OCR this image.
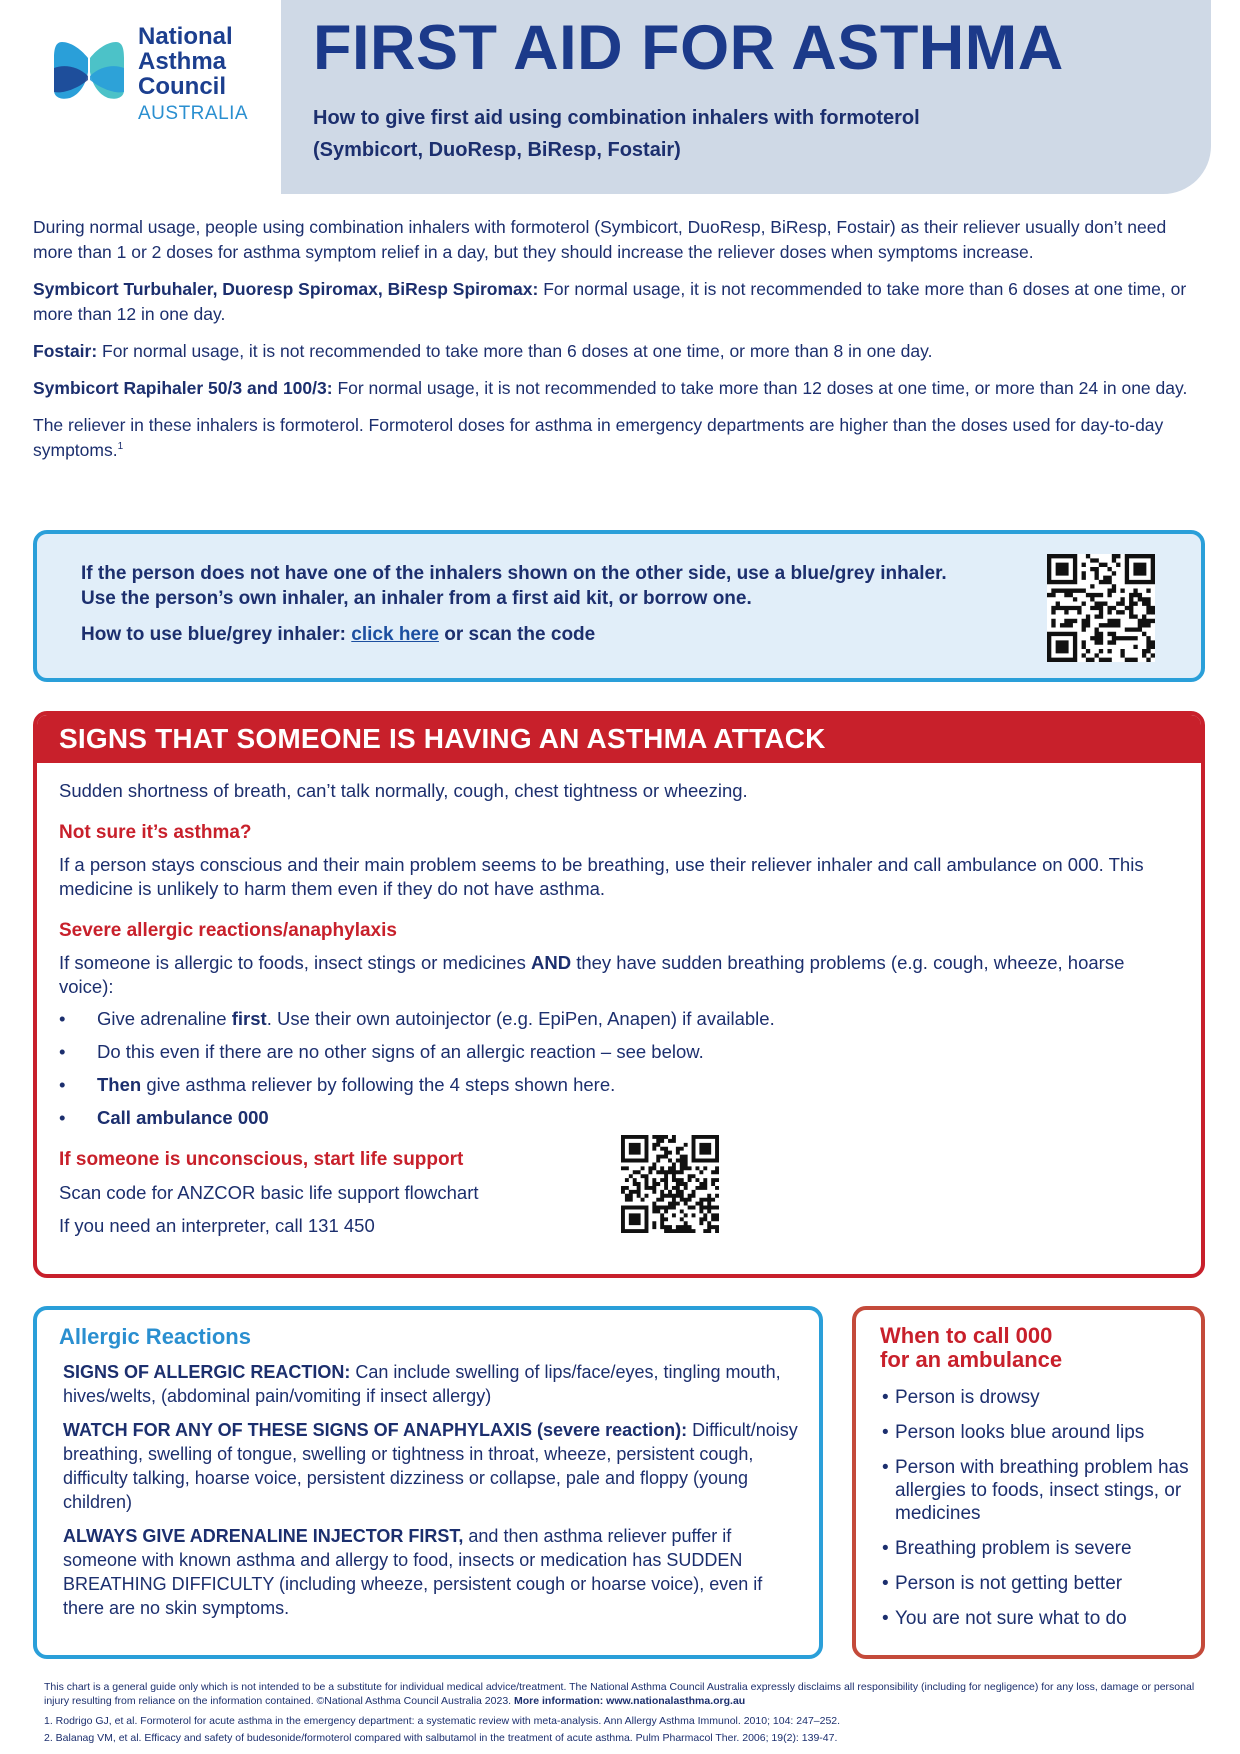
National
Asthma
Council
AUSTRALIA
FIRST AID FOR ASTHMA
How to give first aid using combination inhalers with formoterol
(Symbicort, DuoResp, BiResp, Fostair)

During normal usage, people using combination inhalers with formoterol (Symbicort, DuoResp, BiResp, Fostair) as their reliever usually don’t need more than 1 or 2 doses for asthma symptom relief in a day, but they should increase the reliever doses when symptoms increase.

Symbicort Turbuhaler, Duoresp Spiromax, BiResp Spiromax: For normal usage, it is not recommended to take more than 6 doses at one time, or more than 12 in one day.

Fostair: For normal usage, it is not recommended to take more than 6 doses at one time, or more than 8 in one day.

Symbicort Rapihaler 50/3 and 100/3: For normal usage, it is not recommended to take more than 12 doses at one time, or more than 24 in one day.

The reliever in these inhalers is formoterol. Formoterol doses for asthma in emergency departments are higher than the doses used for day-to-day symptoms.$^1$

If the person does not have one of the inhalers shown on the other side, use a blue/grey inhaler. Use the person’s own inhaler, an inhaler from a first aid kit, or borrow one.
How to use blue/grey inhaler: click here or scan the code
SIGNS THAT SOMEONE IS HAVING AN ASTHMA ATTACK

Sudden shortness of breath, can’t talk normally, cough, chest tightness or wheezing.

Not sure it’s asthma?

If a person stays conscious and their main problem seems to be breathing, use their reliever inhaler and call ambulance on 000. This medicine is unlikely to harm them even if they do not have asthma.

Severe allergic reactions/anaphylaxis

If someone is allergic to foods, insect stings or medicines AND they have sudden breathing problems (e.g. cough, wheeze, hoarse voice):

• Give adrenaline first. Use their own autoinjector (e.g. EpiPen, Anapen) if available.
• Do this even if there are no other signs of an allergic reaction – see below.
• Then give asthma reliever by following the 4 steps shown here.
• Call ambulance 000

If someone is unconscious, start life support

Scan code for ANZCOR basic life support flowchart

If you need an interpreter, call 131 450

Allergic Reactions

SIGNS OF ALLERGIC REACTION: Can include swelling of lips/face/eyes, tingling mouth, hives/welts, (abdominal pain/vomiting if insect allergy)

WATCH FOR ANY OF THESE SIGNS OF ANAPHYLAXIS (severe reaction): Difficult/noisy breathing, swelling of tongue, swelling or tightness in throat, wheeze, persistent cough, difficulty talking, hoarse voice, persistent dizziness or collapse, pale and floppy (young children)

ALWAYS GIVE ADRENALINE INJECTOR FIRST, and then asthma reliever puffer if someone with known asthma and allergy to food, insects or medication has SUDDEN BREATHING DIFFICULTY (including wheeze, persistent cough or hoarse voice), even if there are no skin symptoms.

When to call 000
for an ambulance
• Person is drowsy
• Person looks blue around lips
• Person with breathing problem has allergies to foods, insect stings, or medicines
• Breathing problem is severe
• Person is not getting better
• You are not sure what to do

This chart is a general guide only which is not intended to be a substitute for individual medical advice/treatment. The National Asthma Council Australia expressly disclaims all responsibility (including for negligence) for any loss, damage or personal injury resulting from reliance on the information contained. ©National Asthma Council Australia 2023. More information: www.nationalasthma.org.au

1. Rodrigo GJ, et al. Formoterol for acute asthma in the emergency department: a systematic review with meta-analysis. Ann Allergy Asthma Immunol. 2010; 104: 247–252.

2. Balanag VM, et al. Efficacy and safety of budesonide/formoterol compared with salbutamol in the treatment of acute asthma. Pulm Pharmacol Ther. 2006; 19(2): 139-47.
